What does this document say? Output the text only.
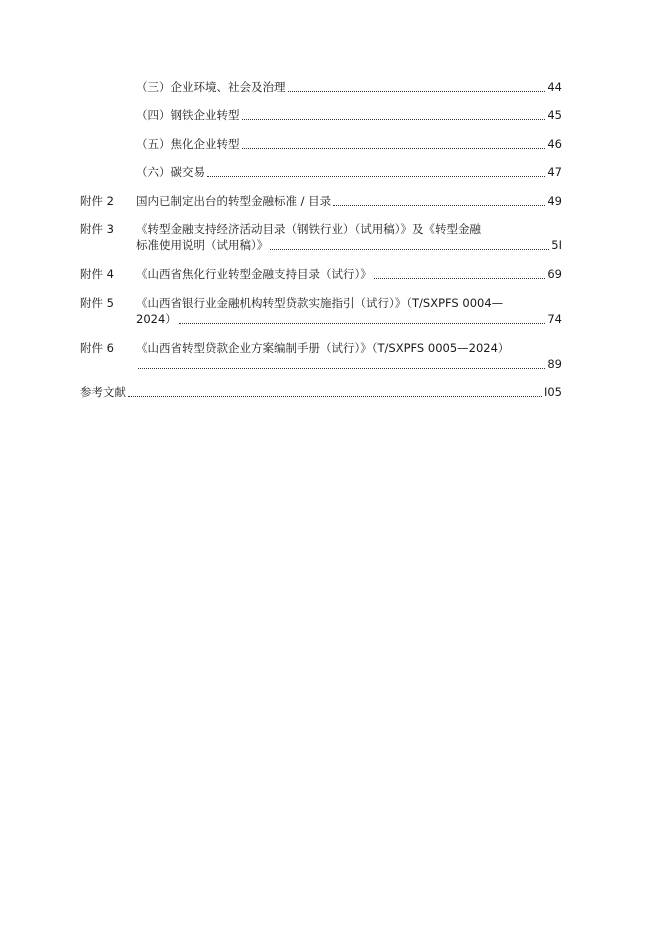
（三）企业环境、社会及治理	44
（四）钢铁企业转型	45
（五）焦化企业转型	46
（六）碳交易	47
附件 2 国内已制定出台的转型金融标准 / 目录	49
附件 3 《转型金融支持经济活动目录（钢铁行业）（试用稿）》及《转型金融
标准使用说明（试用稿）》	5I
附件 4 《山西省焦化行业转型金融支持目录（试行）》	69
附件 5 《山西省银行业金融机构转型贷款实施指引（试行）》（T/SXPFS 0004—
2024）	74
附件 6 《山西省转型贷款企业方案编制手册（试行）》（T/SXPFS 0005—2024）
89
参考文献	I05
